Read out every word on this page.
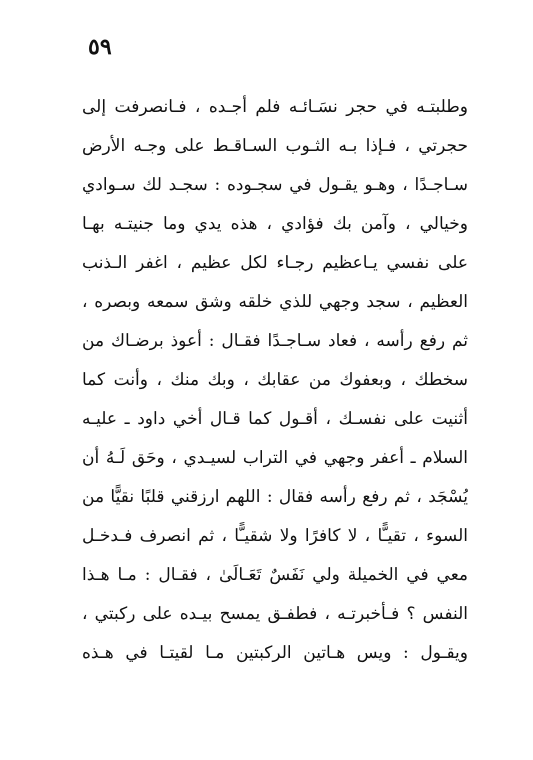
٥٩
وطلبتـه في حجر نسَـائـه فلم أجـده ، فـانصرفت إلى
حجرتي ، فـإذا بـه الثـوب السـاقـط على وجـه الأرض
سـاجـدًا ، وهـو يقـول في سجـوده : سجـد لك سـوادي
وخيالي ، وآمن بك فؤادي ، هذه يدي وما جنيتـه بهـا
على نفسي يـاعظيم رجـاء لكل عظيم ، اغفر الـذنب
العظيم ، سجد وجهي للذي خلقه وشق سمعه وبصره ،
ثم رفع رأسه ، فعاد سـاجـدًا فقـال : أعوذ برضـاك من
سخطك ، وبعفوك من عقابك ، وبك منك ، وأنت كما
أثنيت على نفسـك ، أقـول كما قـال أخي داود ـ عليـه
السلام ـ أعفر وجهي في التراب لسيـدي ، وحَق لَـهُ أن
يُسْجَد ، ثم رفع رأسه فقال : اللهم ارزقني قلبًا نقيًّا من
السوء ، تقيـًّا ، لا كافرًا ولا شقيـًّا ، ثم انصرف فـدخـل
معي في الخميلة ولي نَفَسٌ تَعَـالَىٰ ، فقـال : مـا هـذا
النفس ؟ فـأخبرتـه ، فطفـق يمسح بيـده على ركبتي ،
ويقـول : ويس هـاتين الركبتين مـا لقيتـا في هـذه
